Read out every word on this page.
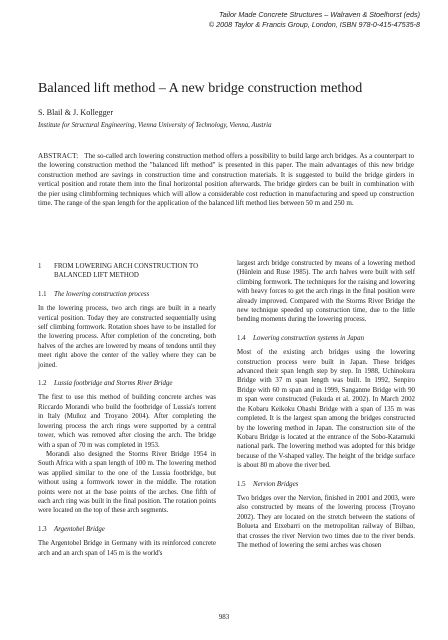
Tailor Made Concrete Structures – Walraven & Stoelhorst (eds)
© 2008 Taylor & Francis Group, London, ISBN 978-0-415-47535-8
Balanced lift method – A new bridge construction method
S. Blail & J. Kollegger
Institute for Structural Engineering, Vienna University of Technology, Vienna, Austria

ABSTRACT: The so-called arch lowering construction method offers a possibility to build large arch bridges. As a counterpart to the lowering construction method the "balanced lift method" is presented in this paper. The main advantages of this new bridge construction method are savings in construction time and construction materials. It is suggested to build the bridge girders in vertical position and rotate them into the final horizontal position afterwards. The bridge girders can be built in combination with the pier using climbforming techniques which will allow a considerable cost reduction in manufacturing and speed up construction time. The range of the span length for the application of the balanced lift method lies between 50 m and 250 m.

1	FROM LOWERING ARCH CONSTRUCTION TO BALANCED LIFT METHOD
1.1	The lowering construction process

In the lowering process, two arch rings are built in a nearly vertical position. Today they are constructed sequentially using self climbing formwork. Rotation shoes have to be installed for the lowering process. After completion of the concreting, both halves of the arches are lowered by means of tendons until they meet right above the center of the valley where they can be joined.

1.2	Lussia footbridge and Storms River Bridge

The first to use this method of building concrete arches was Riccardo Morandi who build the footbridge of Lussia's torrent in Italy (Muñoz and Troyano 2004). After completing the lowering process the arch rings were supported by a central tower, which was removed after closing the arch. The bridge with a span of 70 m was completed in 1953.

Morandi also designed the Storms River Bridge 1954 in South Africa with a span length of 100 m. The lowering method was applied similar to the one of the Lussia footbridge, but without using a formwork tower in the middle. The rotation points were not at the base points of the arches. One fifth of each arch ring was built in the final position. The rotation points were located on the top of these arch segments.

1.3	Argentobel Bridge

The Argentobel Bridge in Germany with its reinforced concrete arch and an arch span of 145 m is the world's

largest arch bridge constructed by means of a lowering method (Hünlein and Ruse 1985). The arch halves were built with self climbing formwork. The techniques for the raising and lowering with heavy forces to get the arch rings in the final position were already improved. Compared with the Storms River Bridge the new technique speeded up construction time, due to the little bending moments during the lowering process.

1.4	Lowering construction systems in Japan

Most of the existing arch bridges using the lowering construction process were built in Japan. These bridges advanced their span length step by step. In 1988, Uchinokura Bridge with 37 m span length was built. In 1992, Senpiro Bridge with 60 m span and in 1999, Sanganme Bridge with 90 m span were constructed (Fukuda et al. 2002). In March 2002 the Kobaru Keikoku Ohashi Bridge with a span of 135 m was completed. It is the largest span among the bridges constructed by the lowering method in Japan. The construction site of the Kobaru Bridge is located at the entrance of the Sobo-Katamuki national park. The lowering method was adopted for this bridge because of the V-shaped valley. The height of the bridge surface is about 80 m above the river bed.

1.5	Nervion Bridges

Two bridges over the Nervion, finished in 2001 and 2003, were also constructed by means of the lowering process (Troyano 2002). They are located on the stretch between the stations of Bolueta and Etxebarri on the metropolitan railway of Bilbao, that crosses the river Nervion two times due to the river bends. The method of lowering the semi arches was chosen

983
